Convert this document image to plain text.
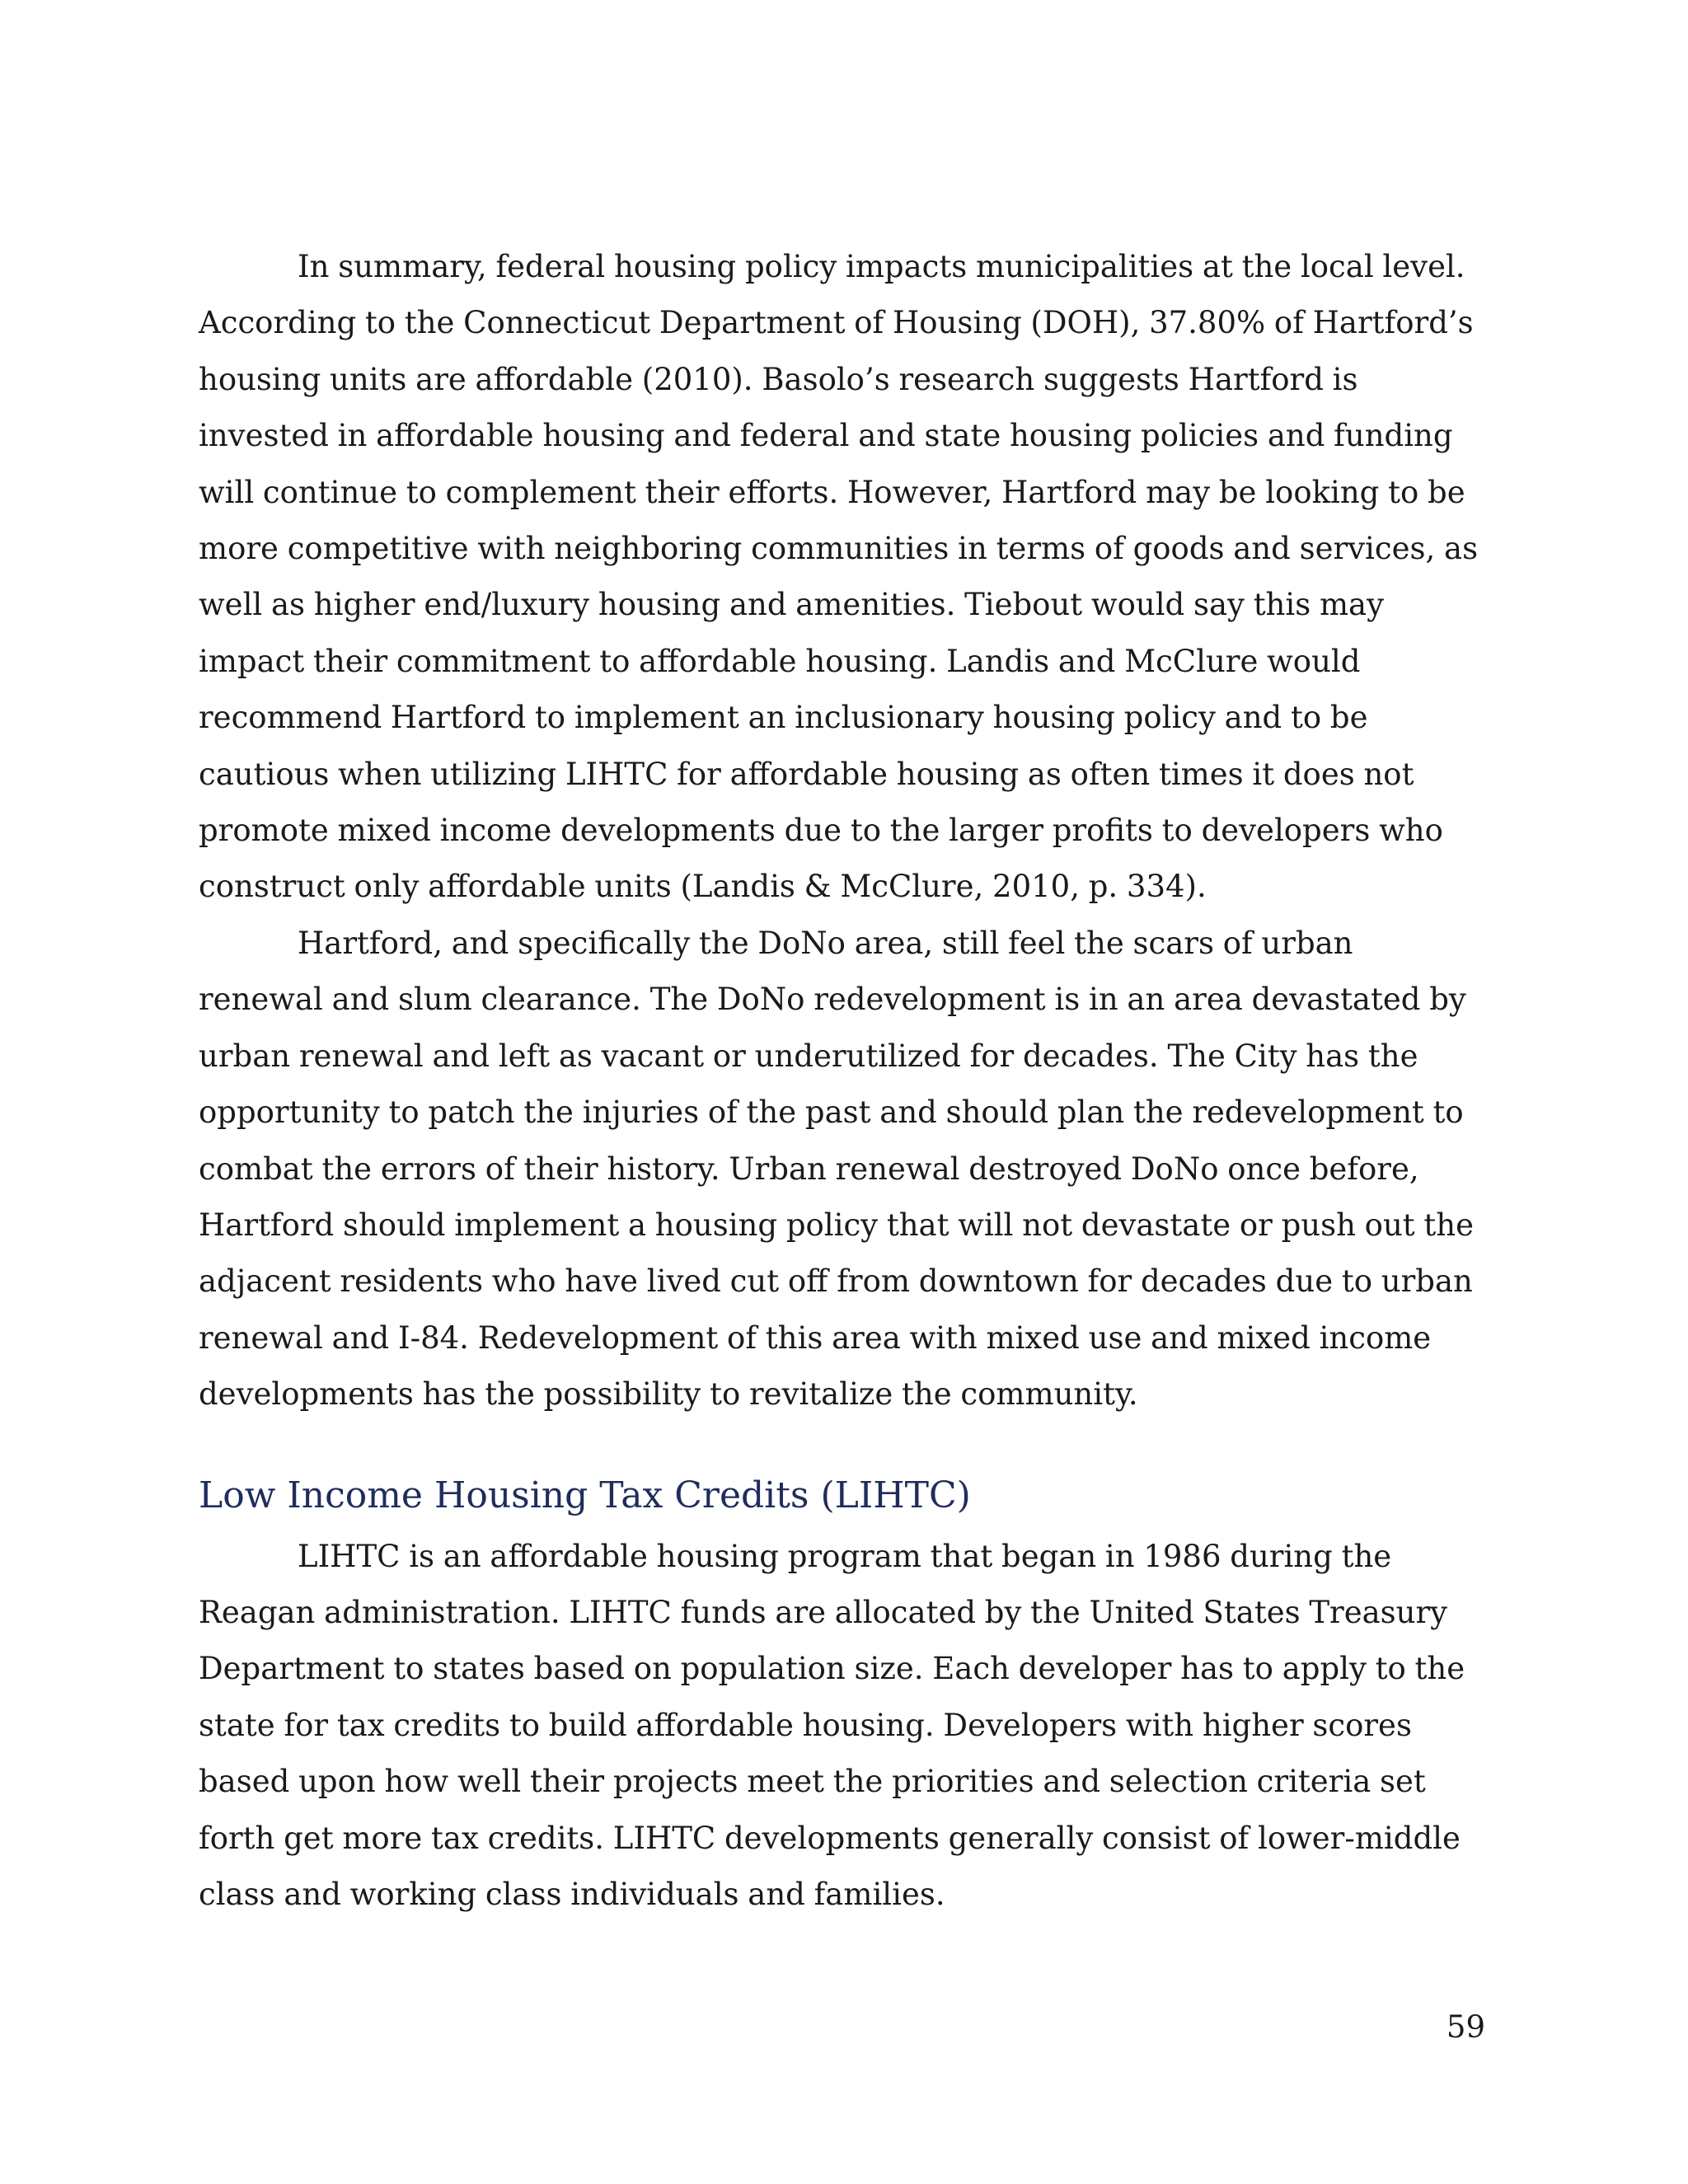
In summary, federal housing policy impacts municipalities at the local level. According to the Connecticut Department of Housing (DOH), 37.80% of Hartford’s housing units are affordable (2010). Basolo’s research suggests Hartford is invested in affordable housing and federal and state housing policies and funding will continue to complement their efforts. However, Hartford may be looking to be more competitive with neighboring communities in terms of goods and services, as well as higher end/luxury housing and amenities. Tiebout would say this may impact their commitment to affordable housing. Landis and McClure would recommend Hartford to implement an inclusionary housing policy and to be cautious when utilizing LIHTC for affordable housing as often times it does not promote mixed income developments due to the larger profits to developers who construct only affordable units (Landis & McClure, 2010, p. 334).

Hartford, and specifically the DoNo area, still feel the scars of urban renewal and slum clearance. The DoNo redevelopment is in an area devastated by urban renewal and left as vacant or underutilized for decades. The City has the opportunity to patch the injuries of the past and should plan the redevelopment to combat the errors of their history. Urban renewal destroyed DoNo once before, Hartford should implement a housing policy that will not devastate or push out the adjacent residents who have lived cut off from downtown for decades due to urban renewal and I-84. Redevelopment of this area with mixed use and mixed income developments has the possibility to revitalize the community.

Low Income Housing Tax Credits (LIHTC)

LIHTC is an affordable housing program that began in 1986 during the Reagan administration. LIHTC funds are allocated by the United States Treasury Department to states based on population size. Each developer has to apply to the state for tax credits to build affordable housing. Developers with higher scores based upon how well their projects meet the priorities and selection criteria set forth get more tax credits. LIHTC developments generally consist of lower-middle class and working class individuals and families.

59
